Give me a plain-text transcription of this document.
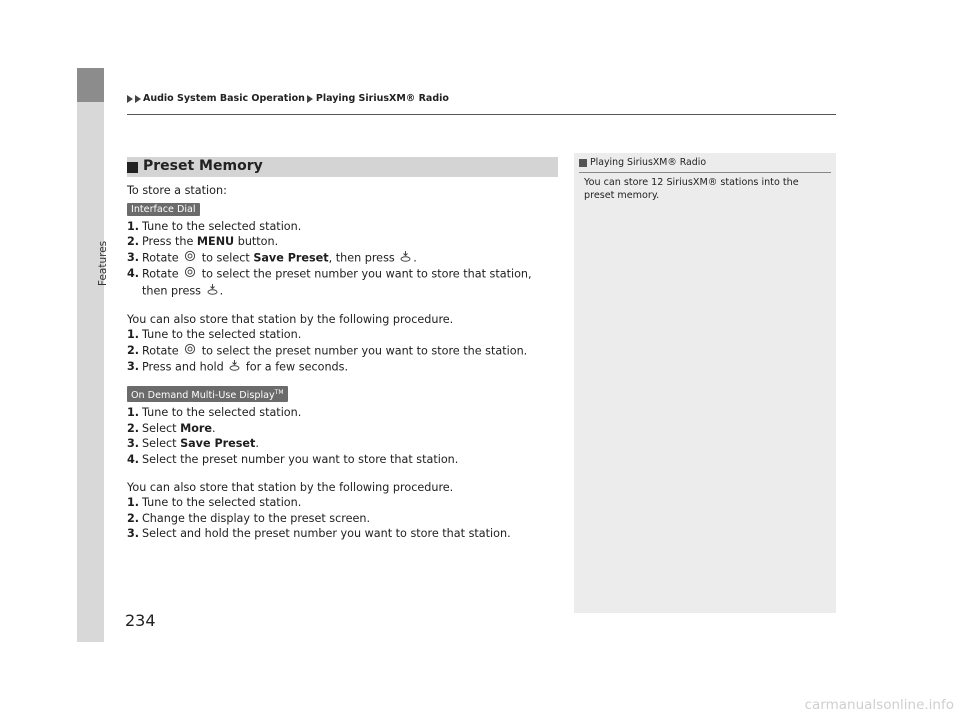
Features
Audio System Basic Operation Playing SiriusXM® Radio
Preset Memory

To store a station:

Interface Dial
1. Tune to the selected station.
2. Press the MENU button.
3. Rotate  to select Save Preset, then press .
4. Rotate  to select the preset number you want to store that station, then press .

You can also store that station by the following procedure.

1. Tune to the selected station.
2. Rotate  to select the preset number you want to store the station.
3. Press and hold  for a few seconds.
On Demand Multi-Use Display™
1. Tune to the selected station.
2. Select More.
3. Select Save Preset.
4. Select the preset number you want to store that station.

You can also store that station by the following procedure.

1. Tune to the selected station.
2. Change the display to the preset screen.
3. Select and hold the preset number you want to store that station.
Playing SiriusXM® Radio
You can store 12 SiriusXM® stations into the preset memory.
234
carmanualsonline.info
